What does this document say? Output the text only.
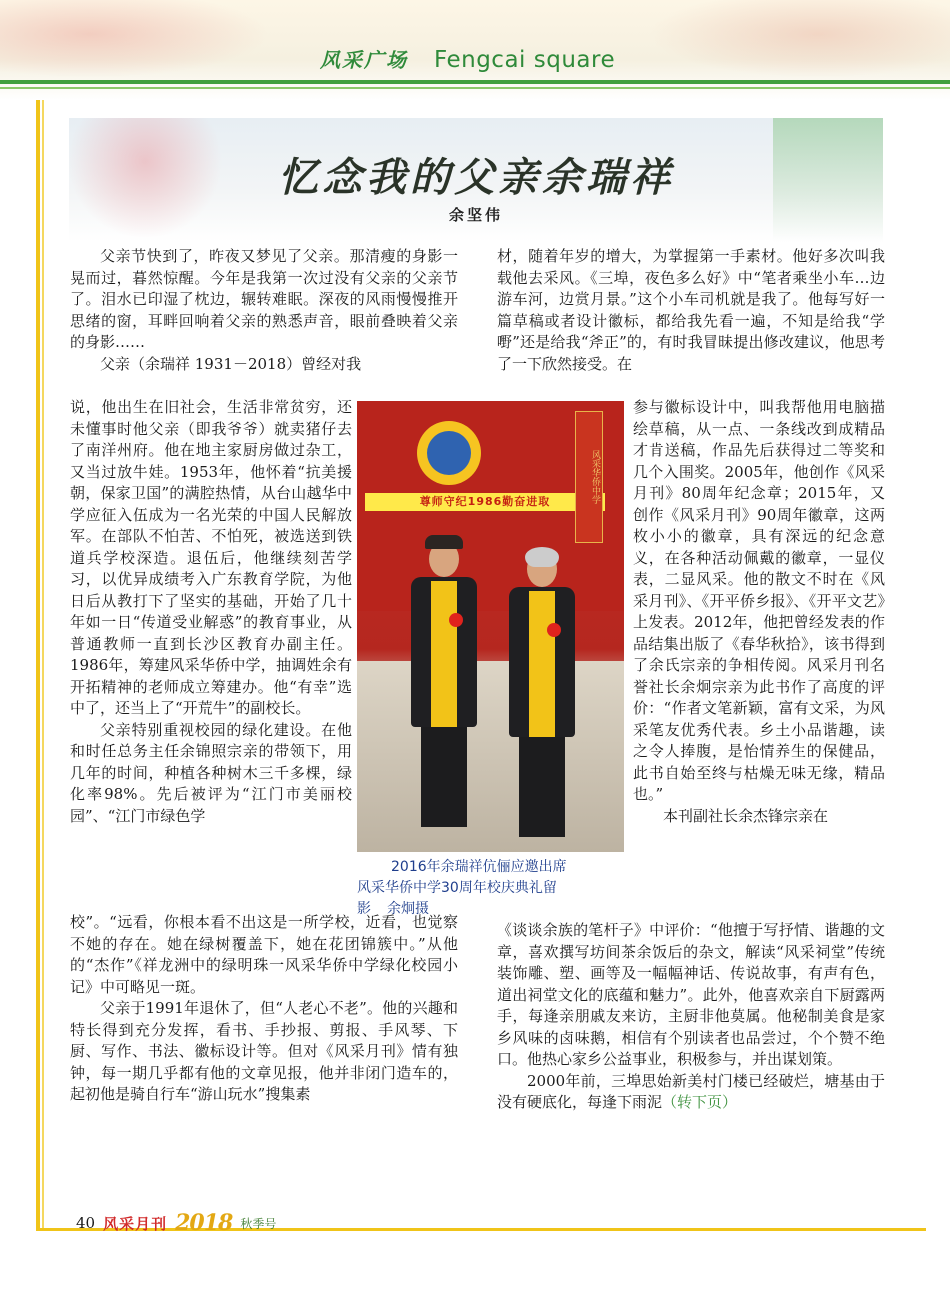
风采广场 Fengcai square
忆念我的父亲余瑞祥
余坚伟

父亲节快到了，昨夜又梦见了父亲。那清瘦的身影一晃而过，暮然惊醒。今年是我第一次过没有父亲的父亲节了。泪水已印湿了枕边，辗转难眠。深夜的风雨慢慢推开思绪的窗，耳畔回响着父亲的熟悉声音，眼前叠映着父亲的身影……

父亲（余瑞祥 1931－2018）曾经对我

说，他出生在旧社会，生活非常贫穷，还未懂事时他父亲（即我爷爷）就卖猪仔去了南洋州府。他在地主家厨房做过杂工，又当过放牛娃。1953年，他怀着“抗美援朝，保家卫国”的满腔热情，从台山越华中学应征入伍成为一名光荣的中国人民解放军。在部队不怕苦、不怕死，被选送到铁道兵学校深造。退伍后，他继续刻苦学习，以优异成绩考入广东教育学院，为他日后从教打下了坚实的基础，开始了几十年如一日“传道受业解惑”的教育事业，从普通教师一直到长沙区教育办副主任。1986年，筹建风采华侨中学，抽调姓余有开拓精神的老师成立筹建办。他“有幸”选中了，还当上了“开荒牛”的副校长。

父亲特别重视校园的绿化建设。在他和时任总务主任余锦照宗亲的带领下，用几年的时间，种植各种树木三千多棵，绿化率98%。先后被评为“江门市美丽校园”、“江门市绿色学

校”。“远看，你根本看不出这是一所学校，近看，也觉察不她的存在。她在绿树覆盖下，她在花团锦簇中。”从他的“杰作”《祥龙洲中的绿明珠一风采华侨中学绿化校园小记》中可略见一斑。

父亲于1991年退休了，但“人老心不老”。他的兴趣和特长得到充分发挥，看书、手抄报、剪报、手风琴、下厨、写作、书法、徽标设计等。但对《风采月刊》情有独钟，每一期几乎都有他的文章见报，他并非闭门造车的，起初他是骑自行车“游山玩水”搜集素

材，随着年岁的增大，为掌握第一手素材。他好多次叫我载他去采风。《三埠，夜色多么好》中“笔者乘坐小车…边游车河，边赏月景。”这个小车司机就是我了。他每写好一篇草稿或者设计徽标，都给我先看一遍，不知是给我“学嘢”还是给我“斧正”的，有时我冒昧提出修改建议，他思考了一下欣然接受。在

参与徽标设计中，叫我帮他用电脑描绘草稿，从一点、一条线改到成精品才肯送稿，作品先后获得过二等奖和几个入围奖。2005年，他创作《风采月刊》80周年纪念章；2015年，又创作《风采月刊》90周年徽章，这两枚小小的徽章，具有深远的纪念意义，在各种活动佩戴的徽章，一显仪表，二显风采。他的散文不时在《风采月刊》、《开平侨乡报》、《开平文艺》上发表。2012年，他把曾经发表的作品结集出版了《春华秋拾》，该书得到了余氏宗亲的争相传阅。风采月刊名誉社长余炯宗亲为此书作了高度的评价：“作者文笔新颖，富有文采，为风采笔友优秀代表。乡土小品谐趣，读之令人捧腹，是怡情养生的保健品，此书自始至终与枯燥无味无缘，精品也。”

本刊副社长余杰锋宗亲在

《谈谈余族的笔杆子》中评价：“他擅于写抒情、谐趣的文章，喜欢撰写坊间茶余饭后的杂文，解读“风采祠堂”传统装饰雕、塑、画等及一幅幅神话、传说故事，有声有色，道出祠堂文化的底蕴和魅力”。此外，他喜欢亲自下厨露两手，每逢亲朋戚友来访，主厨非他莫属。他秘制美食是家乡风味的卤味鹅，相信有个别读者也品尝过，个个赞不绝口。他热心家乡公益事业，积极参与，并出谋划策。

2000年前，三埠思始新美村门楼已经破烂，塘基由于没有硬底化，每逢下雨泥（转下页）

尊师守纪1986勤奋进取	风采华侨中学
2016年余瑞祥伉俪应邀出席
风采华侨中学30周年校庆典礼留
影 余炯摄
40 风采月刊 2018 秋季号
